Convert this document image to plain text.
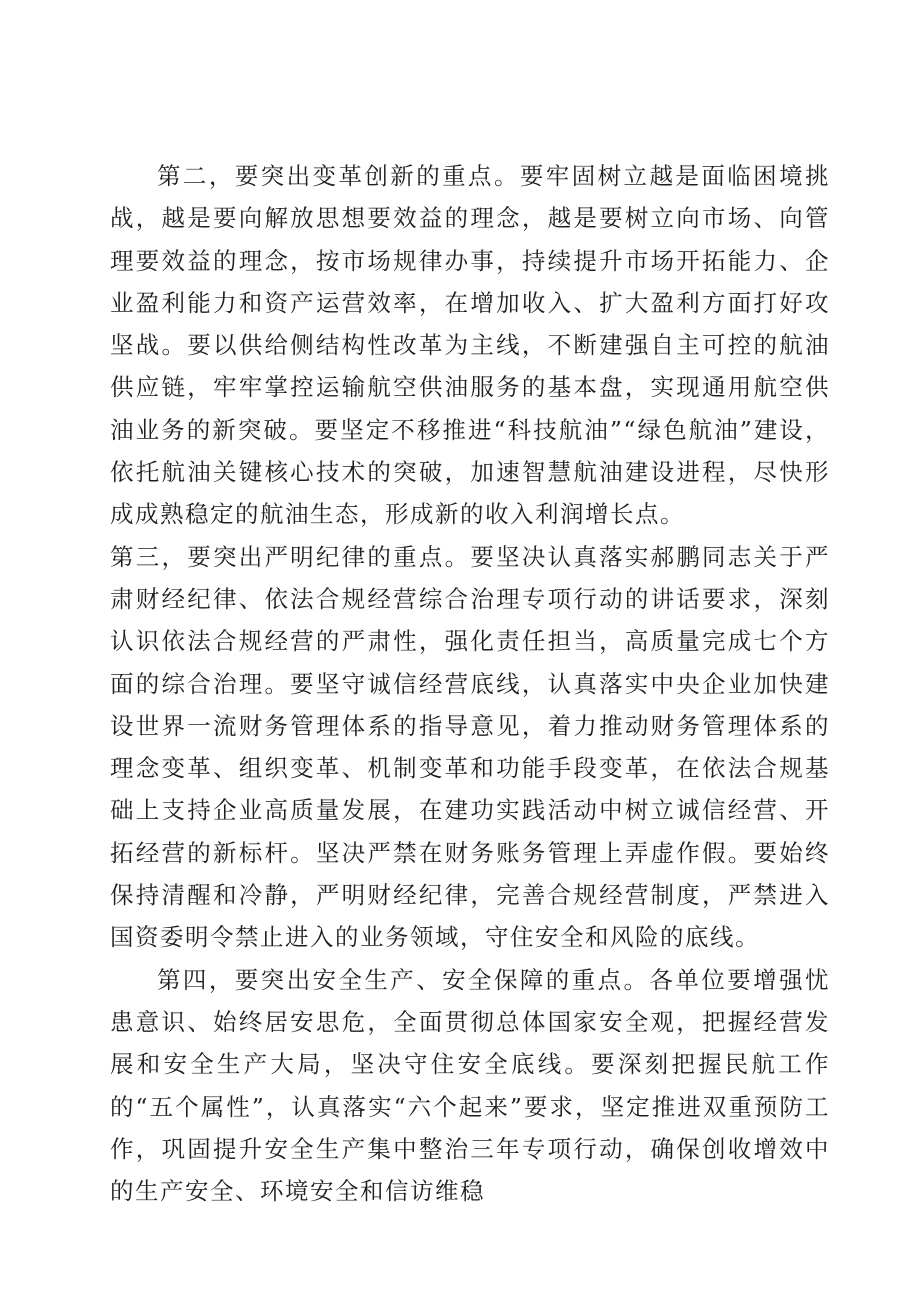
第二，要突出变革创新的重点。要牢固树立越是面临困境挑战，越是要向解放思想要效益的理念，越是要树立向市场、向管理要效益的理念，按市场规律办事，持续提升市场开拓能力、企业盈利能力和资产运营效率，在增加收入、扩大盈利方面打好攻坚战。要以供给侧结构性改革为主线，不断建强自主可控的航油供应链，牢牢掌控运输航空供油服务的基本盘，实现通用航空供油业务的新突破。要坚定不移推进“科技航油”“绿色航油”建设，依托航油关键核心技术的突破，加速智慧航油建设进程，尽快形成成熟稳定的航油生态，形成新的收入利润增长点。

第三，要突出严明纪律的重点。要坚决认真落实郝鹏同志关于严肃财经纪律、依法合规经营综合治理专项行动的讲话要求，深刻认识依法合规经营的严肃性，强化责任担当，高质量完成七个方面的综合治理。要坚守诚信经营底线，认真落实中央企业加快建设世界一流财务管理体系的指导意见，着力推动财务管理体系的理念变革、组织变革、机制变革和功能手段变革，在依法合规基础上支持企业高质量发展，在建功实践活动中树立诚信经营、开拓经营的新标杆。坚决严禁在财务账务管理上弄虚作假。要始终保持清醒和冷静，严明财经纪律，完善合规经营制度，严禁进入国资委明令禁止进入的业务领域，守住安全和风险的底线。

第四，要突出安全生产、安全保障的重点。各单位要增强忧患意识、始终居安思危，全面贯彻总体国家安全观，把握经营发展和安全生产大局，坚决守住安全底线。要深刻把握民航工作的“五个属性”，认真落实“六个起来”要求，坚定推进双重预防工作，巩固提升安全生产集中整治三年专项行动，确保创收增效中的生产安全、环境安全和信访维稳
